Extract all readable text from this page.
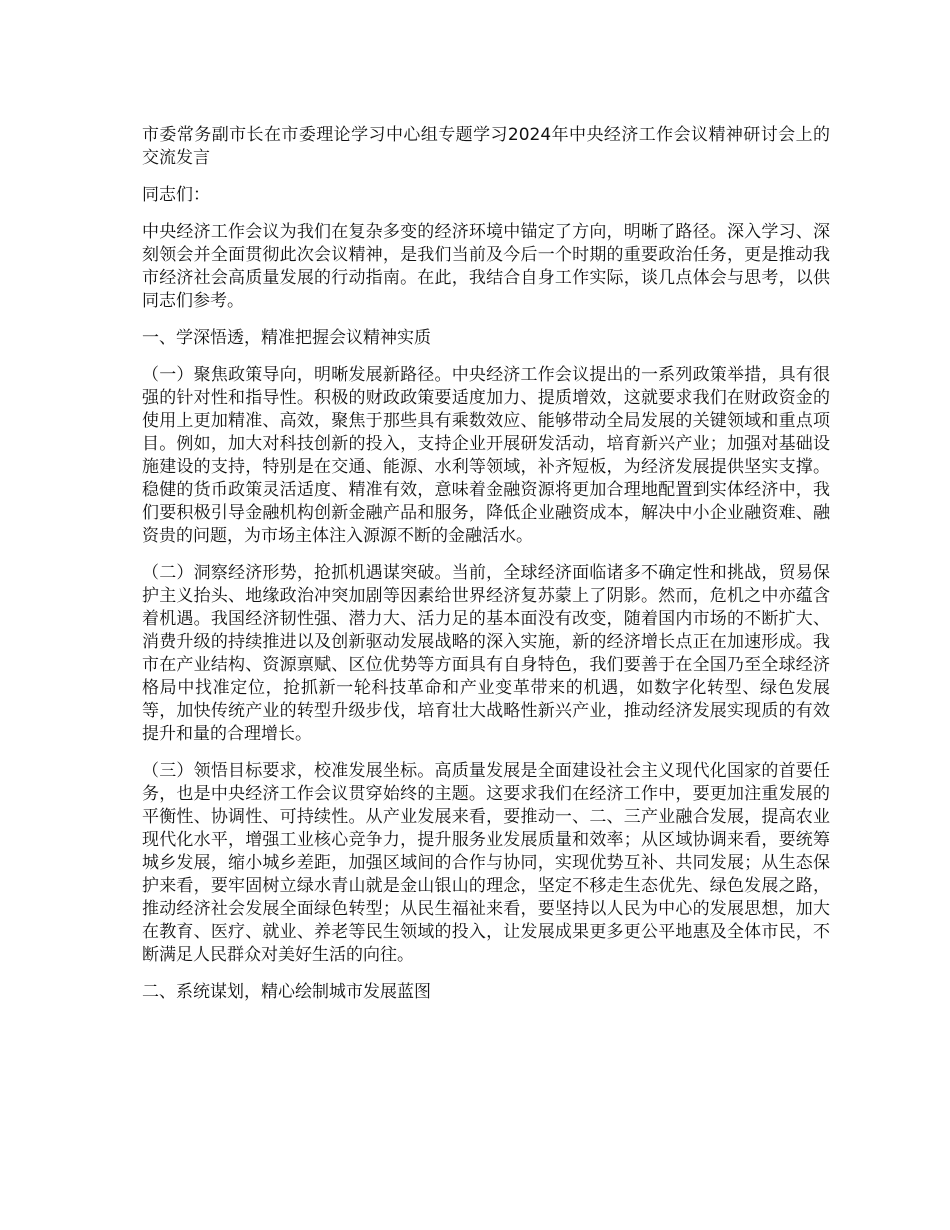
市委常务副市长在市委理论学习中心组专题学习2024年中央经济工作会议精神研讨会上的交流发言

同志们：

中央经济工作会议为我们在复杂多变的经济环境中锚定了方向，明晰了路径。深入学习、深刻领会并全面贯彻此次会议精神，是我们当前及今后一个时期的重要政治任务，更是推动我市经济社会高质量发展的行动指南。在此，我结合自身工作实际，谈几点体会与思考，以供同志们参考。

一、学深悟透，精准把握会议精神实质

（一）聚焦政策导向，明晰发展新路径。中央经济工作会议提出的一系列政策举措，具有很强的针对性和指导性。积极的财政政策要适度加力、提质增效，这就要求我们在财政资金的使用上更加精准、高效，聚焦于那些具有乘数效应、能够带动全局发展的关键领域和重点项目。例如，加大对科技创新的投入，支持企业开展研发活动，培育新兴产业；加强对基础设施建设的支持，特别是在交通、能源、水利等领域，补齐短板，为经济发展提供坚实支撑。稳健的货币政策灵活适度、精准有效，意味着金融资源将更加合理地配置到实体经济中，我们要积极引导金融机构创新金融产品和服务，降低企业融资成本，解决中小企业融资难、融资贵的问题，为市场主体注入源源不断的金融活水。

（二）洞察经济形势，抢抓机遇谋突破。当前，全球经济面临诸多不确定性和挑战，贸易保护主义抬头、地缘政治冲突加剧等因素给世界经济复苏蒙上了阴影。然而，危机之中亦蕴含着机遇。我国经济韧性强、潜力大、活力足的基本面没有改变，随着国内市场的不断扩大、消费升级的持续推进以及创新驱动发展战略的深入实施，新的经济增长点正在加速形成。我市在产业结构、资源禀赋、区位优势等方面具有自身特色，我们要善于在全国乃至全球经济格局中找准定位，抢抓新一轮科技革命和产业变革带来的机遇，如数字化转型、绿色发展等，加快传统产业的转型升级步伐，培育壮大战略性新兴产业，推动经济发展实现质的有效提升和量的合理增长。

（三）领悟目标要求，校准发展坐标。高质量发展是全面建设社会主义现代化国家的首要任务，也是中央经济工作会议贯穿始终的主题。这要求我们在经济工作中，要更加注重发展的平衡性、协调性、可持续性。从产业发展来看，要推动一、二、三产业融合发展，提高农业现代化水平，增强工业核心竞争力，提升服务业发展质量和效率；从区域协调来看，要统筹城乡发展，缩小城乡差距，加强区域间的合作与协同，实现优势互补、共同发展；从生态保护来看，要牢固树立绿水青山就是金山银山的理念，坚定不移走生态优先、绿色发展之路，推动经济社会发展全面绿色转型；从民生福祉来看，要坚持以人民为中心的发展思想，加大在教育、医疗、就业、养老等民生领域的投入，让发展成果更多更公平地惠及全体市民，不断满足人民群众对美好生活的向往。

二、系统谋划，精心绘制城市发展蓝图
